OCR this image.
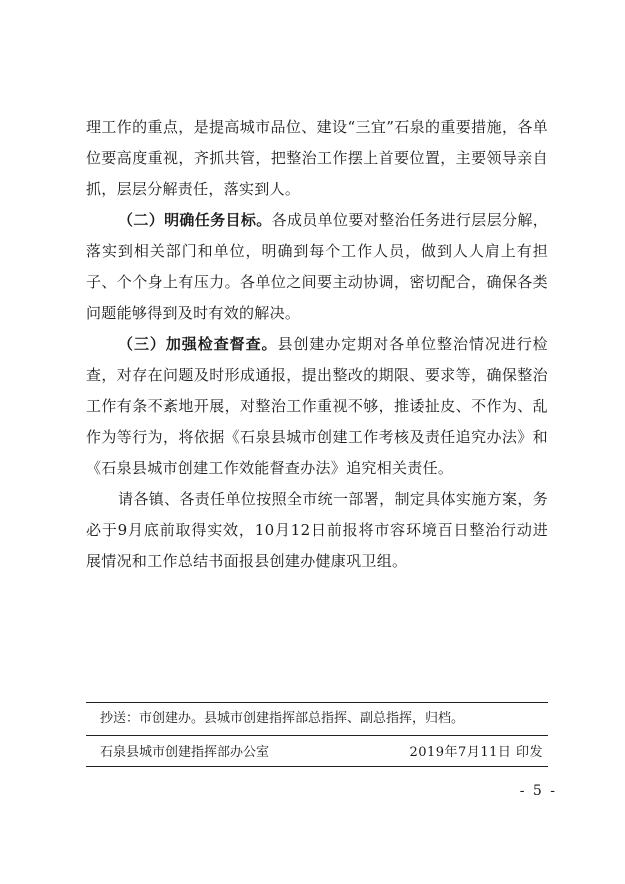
理工作的重点，是提高城市品位、建设“三宜”石泉的重要措施，各单位要高度重视，齐抓共管，把整治工作摆上首要位置，主要领导亲自抓，层层分解责任，落实到人。

（二）明确任务目标。各成员单位要对整治任务进行层层分解，落实到相关部门和单位，明确到每个工作人员，做到人人肩上有担子、个个身上有压力。各单位之间要主动协调，密切配合，确保各类问题能够得到及时有效的解决。

（三）加强检查督查。县创建办定期对各单位整治情况进行检查，对存在问题及时形成通报，提出整改的期限、要求等，确保整治工作有条不紊地开展，对整治工作重视不够，推诿扯皮、不作为、乱作为等行为，将依据《石泉县城市创建工作考核及责任追究办法》和《石泉县城市创建工作效能督查办法》追究相关责任。

请各镇、各责任单位按照全市统一部署，制定具体实施方案，务必于9月底前取得实效，10月12日前报将市容环境百日整治行动进展情况和工作总结书面报县创建办健康巩卫组。

抄送：市创建办。县城市创建指挥部总指挥、副总指挥，归档。
石泉县城市创建指挥部办公室	2019年7月11日 印发
- 5 -
